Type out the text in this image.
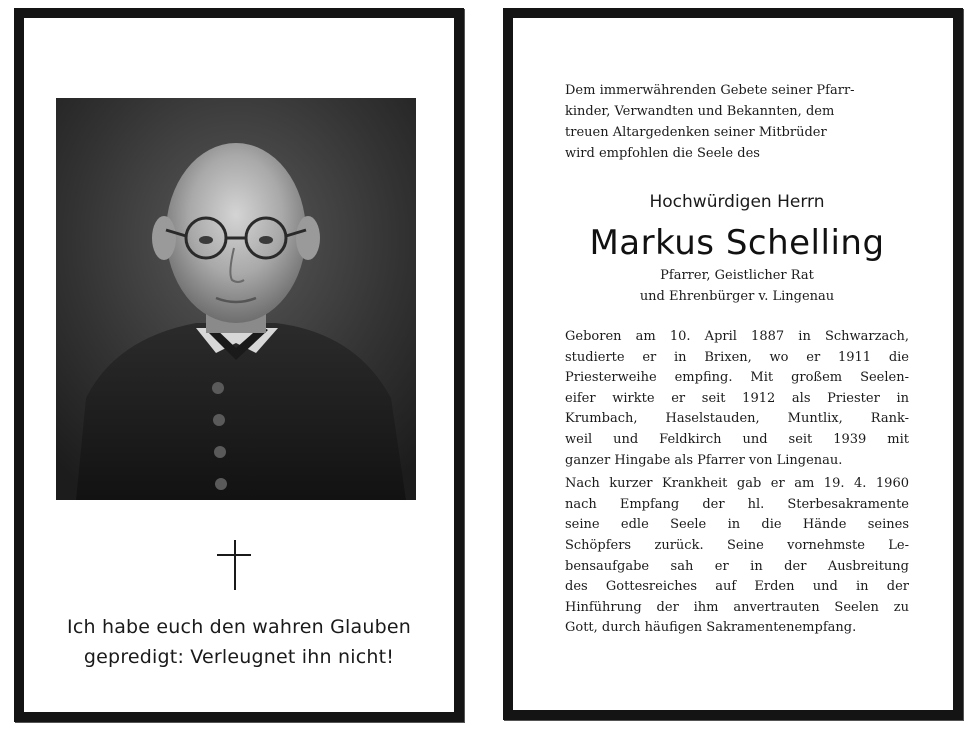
Ich habe euch den wahren Glauben
gepredigt: Verleugnet ihn nicht!
Dem immerwährenden Gebete seiner Pfarr-
kinder, Verwandten und Bekannten, dem
treuen Altargedenken seiner Mitbrüder
wird empfohlen die Seele des
Hochwürdigen Herrn
Markus Schelling
Pfarrer, Geistlicher Rat
und Ehrenbürger v. Lingenau
Geboren am 10. April 1887 in Schwarzach,
studierte er in Brixen, wo er 1911 die
Priesterweihe empfing. Mit großem Seelen-
eifer wirkte er seit 1912 als Priester in
Krumbach, Haselstauden, Muntlix, Rank-
weil und Feldkirch und seit 1939 mit
ganzer Hingabe als Pfarrer von Lingenau.
Nach kurzer Krankheit gab er am 19. 4. 1960
nach Empfang der hl. Sterbesakramente
seine edle Seele in die Hände seines
Schöpfers zurück. Seine vornehmste Le-
bensaufgabe sah er in der Ausbreitung
des Gottesreiches auf Erden und in der
Hinführung der ihm anvertrauten Seelen zu
Gott, durch häufigen Sakramentenempfang.
